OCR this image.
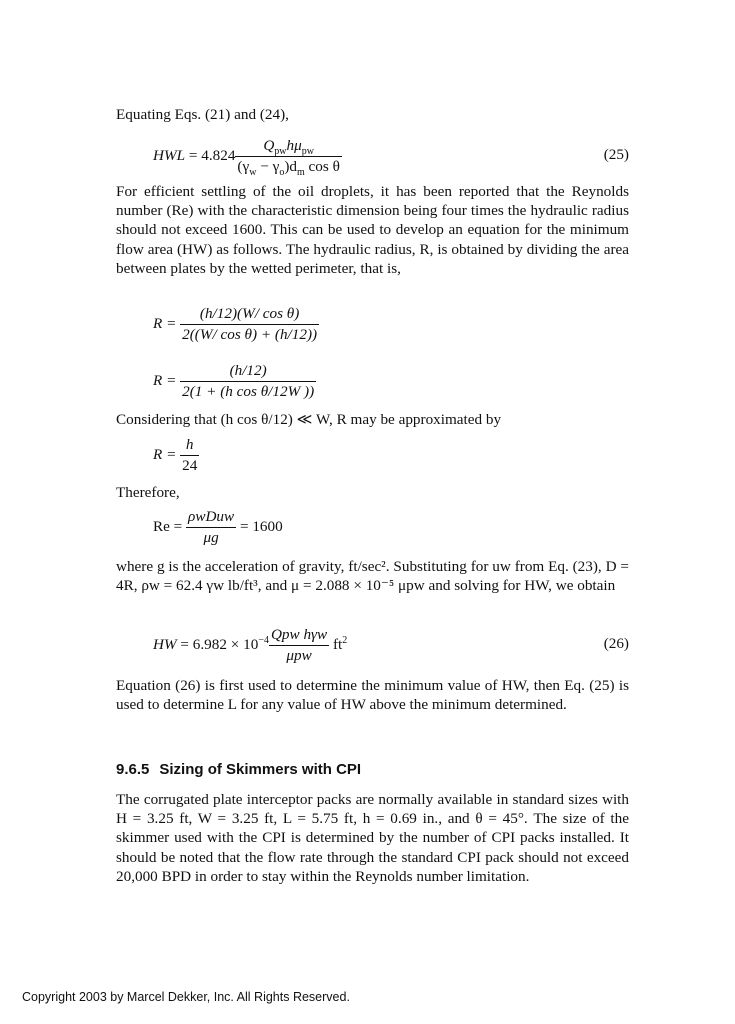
Equating Eqs. (21) and (24),

HWL = $4.824 \frac{Q_{pw}h\mu_{pw}}{(\gamma_w - \gamma_o)d_m \cos \theta}$	(25)

For efficient settling of the oil droplets, it has been reported that the Reynolds number (Re) with the characteristic dimension being four times the hydraulic radius should not exceed 1600. This can be used to develop an equation for the minimum flow area (HW) as follows. The hydraulic radius, R, is obtained by dividing the area between plates by the wetted perimeter, that is,

$R = \frac{\text{(h/12)(W/ cos θ)}}{\text{2((W/ cos θ) + (h/12))}}$
$R = \frac{(h/12)}{\text{2(1 + (h cos θ/12W ))}}$

Considering that (h cos θ/12) ≪ W, R may be approximated by

$R = \frac{h}{24}$

Therefore,

$Re = \frac{\text{ρwDuw}}{\mu g} = 1600$

where g is the acceleration of gravity, ft/sec². Substituting for uw from Eq. (23), D = 4R, ρw = 62.4 γw lb/ft³, and μ = 2.088 × 10⁻⁵ μpw and solving for HW, we obtain

HW = $6.982 \times 10^{-4} \frac{\text{Qpw hγw}}{\text{μpw}} ft^2$	(26)

Equation (26) is first used to determine the minimum value of HW, then Eq. (25) is used to determine L for any value of HW above the minimum determined.

9.6.5 Sizing of Skimmers with CPI

The corrugated plate interceptor packs are normally available in standard sizes with H = 3.25 ft, W = 3.25 ft, L = 5.75 ft, h = 0.69 in., and θ = 45°. The size of the skimmer used with the CPI is determined by the number of CPI packs installed. It should be noted that the flow rate through the standard CPI pack should not exceed 20,000 BPD in order to stay within the Reynolds number limitation.

Copyright 2003 by Marcel Dekker, Inc. All Rights Reserved.
